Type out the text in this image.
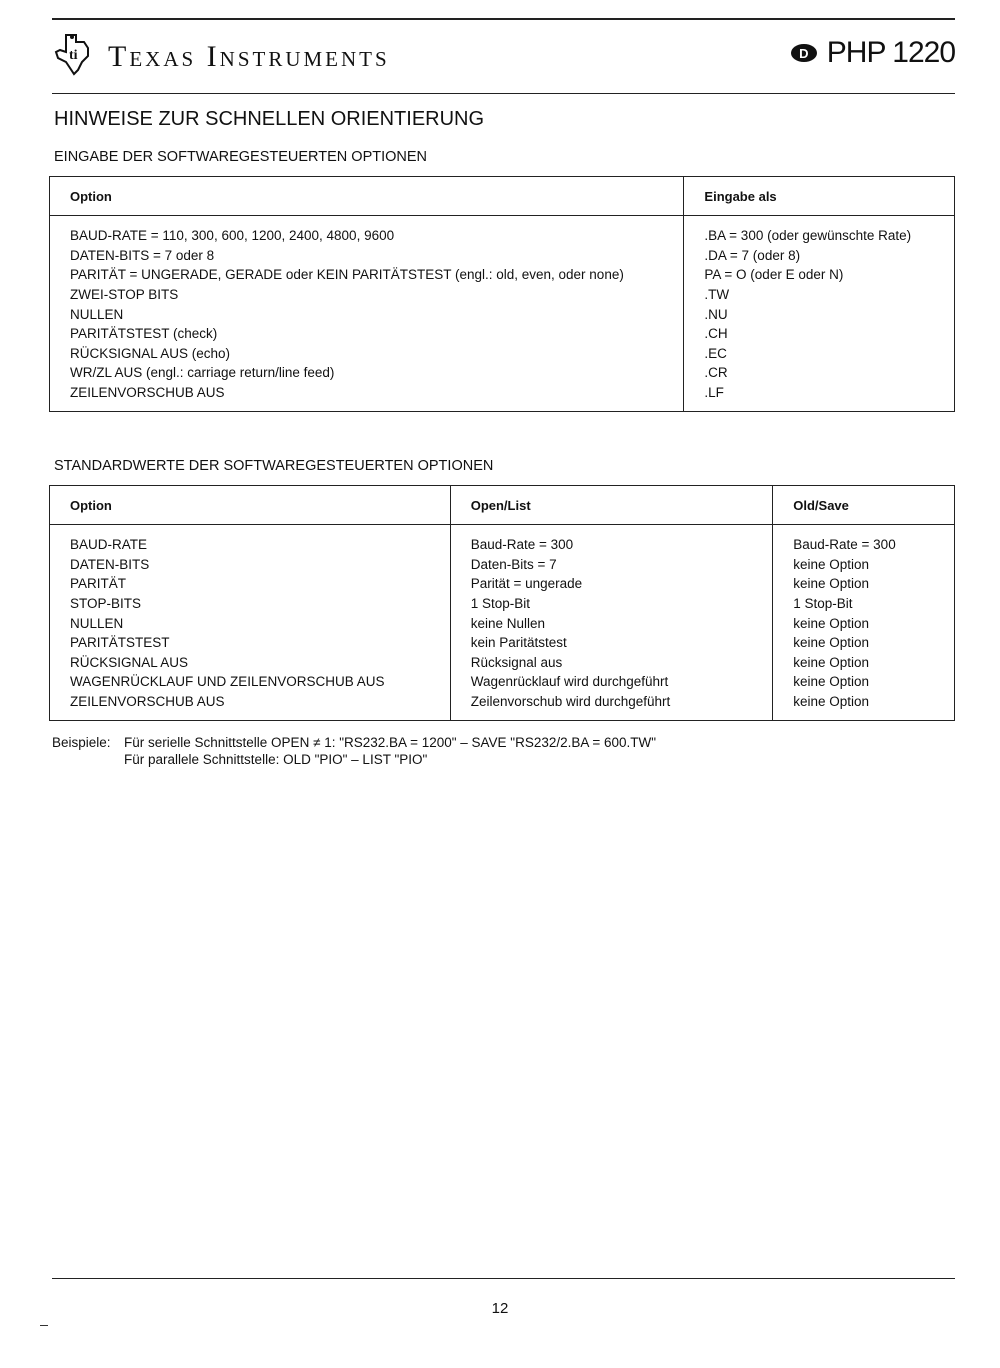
ti Texas Instruments	D PHP 1220
HINWEISE ZUR SCHNELLEN ORIENTIERUNG
EINGABE DER SOFTWAREGESTEUERTEN OPTIONEN
Option	Eingabe als
BAUD-RATE = 110, 300, 600, 1200, 2400, 4800, 9600	.BA = 300 (oder gewünschte Rate)
DATEN-BITS = 7 oder 8	.DA = 7 (oder 8)
PARITÄT = UNGERADE, GERADE oder KEIN PARITÄTSTEST (engl.: old, even, oder none)	PA = O (oder E oder N)
ZWEI-STOP BITS	.TW
NULLEN	.NU
PARITÄTSTEST (check)	.CH
RÜCKSIGNAL AUS (echo)	.EC
WR/ZL AUS (engl.: carriage return/line feed)	.CR
ZEILENVORSCHUB AUS	.LF
STANDARDWERTE DER SOFTWAREGESTEUERTEN OPTIONEN
Option	Open/List	Old/Save
BAUD-RATE	Baud-Rate = 300	Baud-Rate = 300
DATEN-BITS	Daten-Bits = 7	keine Option
PARITÄT	Parität = ungerade	keine Option
STOP-BITS	1 Stop-Bit	1 Stop-Bit
NULLEN	keine Nullen	keine Option
PARITÄTSTEST	kein Paritätstest	keine Option
RÜCKSIGNAL AUS	Rücksignal aus	keine Option
WAGENRÜCKLAUF UND ZEILENVORSCHUB AUS	Wagenrücklauf wird durchgeführt	keine Option
ZEILENVORSCHUB AUS	Zeilenvorschub wird durchgeführt	keine Option
Beispiele: Für serielle Schnittstelle OPEN ≠ 1: "RS232.BA = 1200" – SAVE "RS232/2.BA = 600.TW"
Für parallele Schnittstelle: OLD "PIO" – LIST "PIO"
12
